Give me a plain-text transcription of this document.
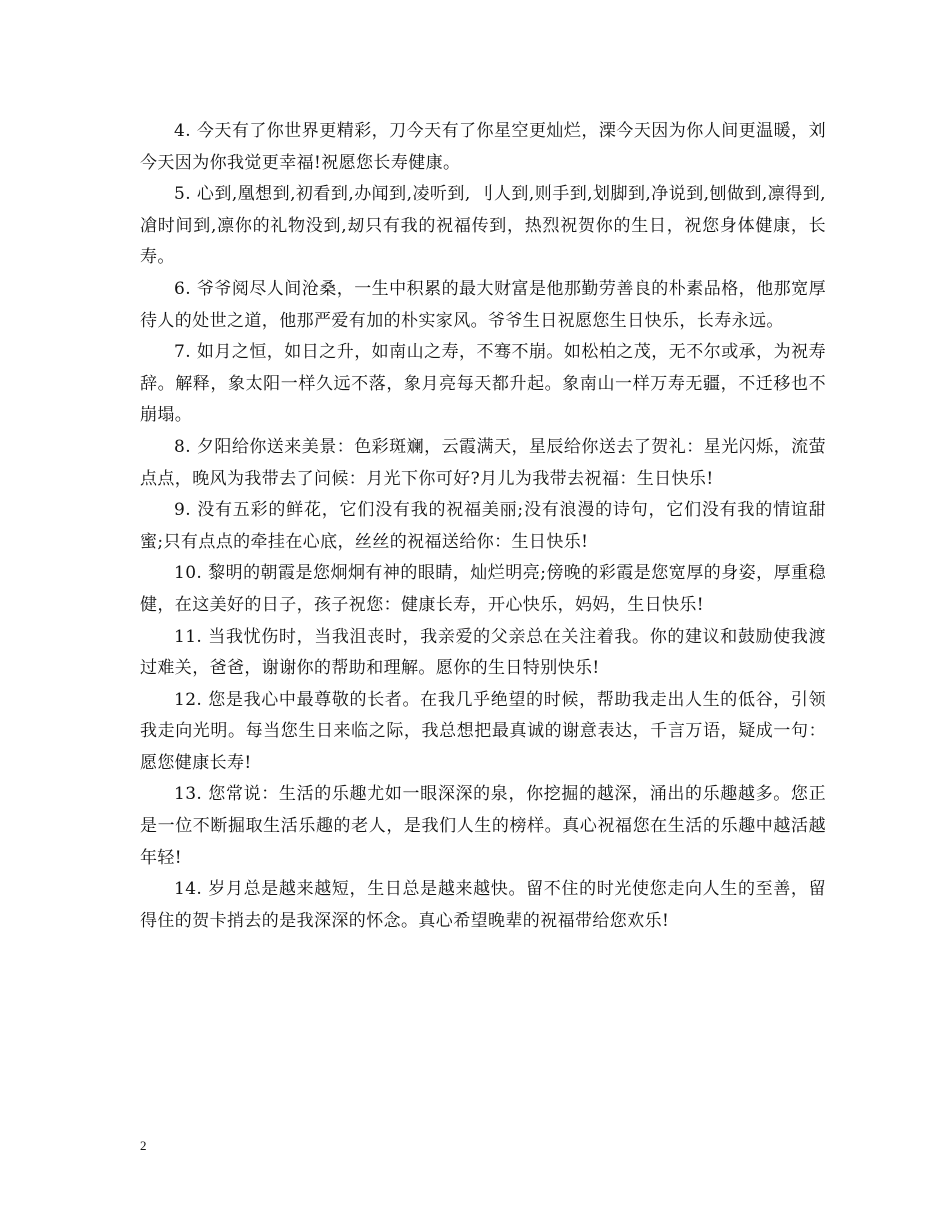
4. 今天有了你世界更精彩，刀今天有了你星空更灿烂，溧今天因为你人间更温暖，刘今天因为你我觉更幸福!祝愿您长寿健康。

5. 心到,凰想到,初看到,办闻到,凌听到, 刂人到,则手到,划脚到,净说到,刨做到,凛得到,凔时间到,凛你的礼物没到,刼只有我的祝福传到，热烈祝贺你的生日，祝您身体健康，长寿。

6. 爷爷阅尽人间沧桑，一生中积累的最大财富是他那勤劳善良的朴素品格，他那宽厚待人的处世之道，他那严爱有加的朴实家风。爷爷生日祝愿您生日快乐，长寿永远。

7. 如月之恒，如日之升，如南山之寿，不骞不崩。如松柏之茂，无不尔或承，为祝寿辞。解释，象太阳一样久远不落，象月亮每天都升起。象南山一样万寿无疆，不迁移也不崩塌。

8. 夕阳给你送来美景：色彩斑斓，云霞满天，星辰给你送去了贺礼：星光闪烁，流萤点点，晚风为我带去了问候：月光下你可好?月儿为我带去祝福：生日快乐!

9. 没有五彩的鲜花，它们没有我的祝福美丽;没有浪漫的诗句，它们没有我的情谊甜蜜;只有点点的牵挂在心底，丝丝的祝福送给你：生日快乐!

10. 黎明的朝霞是您炯炯有神的眼睛，灿烂明亮;傍晚的彩霞是您宽厚的身姿，厚重稳健，在这美好的日子，孩子祝您：健康长寿，开心快乐，妈妈，生日快乐!

11. 当我忧伤时，当我沮丧时，我亲爱的父亲总在关注着我。你的建议和鼓励使我渡过难关，爸爸，谢谢你的帮助和理解。愿你的生日特别快乐!

12. 您是我心中最尊敬的长者。在我几乎绝望的时候，帮助我走出人生的低谷，引领我走向光明。每当您生日来临之际，我总想把最真诚的谢意表达，千言万语，疑成一句：愿您健康长寿!

13. 您常说：生活的乐趣尤如一眼深深的泉，你挖掘的越深，涌出的乐趣越多。您正是一位不断掘取生活乐趣的老人，是我们人生的榜样。真心祝福您在生活的乐趣中越活越年轻!

14. 岁月总是越来越短，生日总是越来越快。留不住的时光使您走向人生的至善，留得住的贺卡捎去的是我深深的怀念。真心希望晚辈的祝福带给您欢乐!

2
